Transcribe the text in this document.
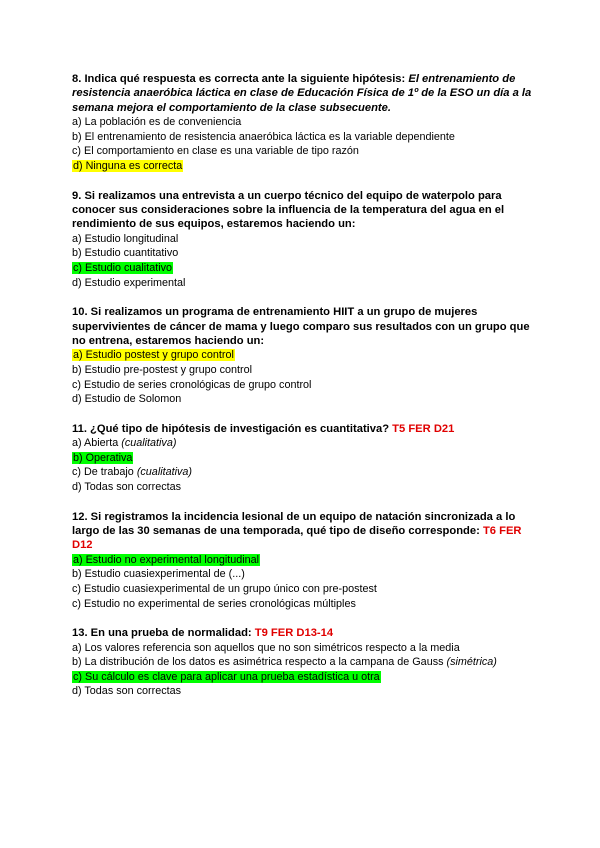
8. Indica qué respuesta es correcta ante la siguiente hipótesis: El entrenamiento de resistencia anaeróbica láctica en clase de Educación Física de 1º de la ESO un día a la semana mejora el comportamiento de la clase subsecuente.

a) La población es de conveniencia

b) El entrenamiento de resistencia anaeróbica láctica es la variable dependiente

c) El comportamiento en clase es una variable de tipo razón

d) Ninguna es correcta

9. Si realizamos una entrevista a un cuerpo técnico del equipo de waterpolo para conocer sus consideraciones sobre la influencia de la temperatura del agua en el rendimiento de sus equipos, estaremos haciendo un:

a) Estudio longitudinal

b) Estudio cuantitativo

c) Estudio cualitativo

d) Estudio experimental

10. Si realizamos un programa de entrenamiento HIIT a un grupo de mujeres supervivientes de cáncer de mama y luego comparo sus resultados con un grupo que no entrena, estaremos haciendo un:

a) Estudio postest y grupo control

b) Estudio pre-postest y grupo control

c) Estudio de series cronológicas de grupo control

d) Estudio de Solomon

11. ¿Qué tipo de hipótesis de investigación es cuantitativa? T5 FER D21

a) Abierta (cualitativa)

b) Operativa

c) De trabajo (cualitativa)

d) Todas son correctas

12. Si registramos la incidencia lesional de un equipo de natación sincronizada a lo largo de las 30 semanas de una temporada, qué tipo de diseño corresponde: T6 FER D12

a) Estudio no experimental longitudinal

b) Estudio cuasiexperimental de (...)

c) Estudio cuasiexperimental de un grupo único con pre-postest

c) Estudio no experimental de series cronológicas múltiples

13. En una prueba de normalidad: T9 FER D13-14

a) Los valores referencia son aquellos que no son simétricos respecto a la media

b) La distribución de los datos es asimétrica respecto a la campana de Gauss (simétrica)

c) Su cálculo es clave para aplicar una prueba estadística u otra

d) Todas son correctas
